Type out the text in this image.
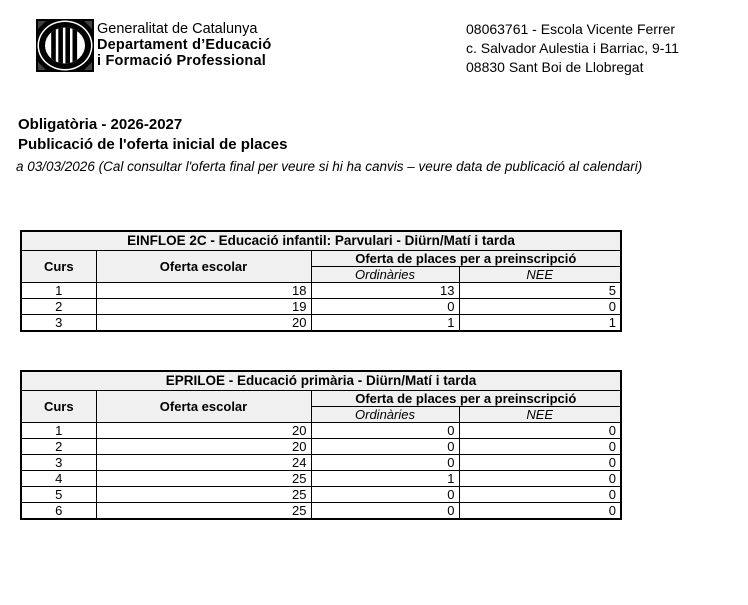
Generalitat de Catalunya
Departament d’Educació
i Formació Professional
08063761 - Escola Vicente Ferrer
c. Salvador Aulestia i Barriac, 9-11
08830 Sant Boi de Llobregat
Obligatòria - 2026-2027
Publicació de l'oferta inicial de places
a 03/03/2026 (Cal consultar l'oferta final per veure si hi ha canvis – veure data de publicació al calendari)
EINFLOE 2C - Educació infantil: Parvulari - Diürn/Matí i tarda			
Curs	Oferta escolar	Oferta de places per a preinscripció	
		Ordinàries	NEE
1	18	13	5
2	19	0	0
3	20	1	1
EPRILOE - Educació primària - Diürn/Matí i tarda			
Curs	Oferta escolar	Oferta de places per a preinscripció	
		Ordinàries	NEE
1	20	0	0
2	20	0	0
3	24	0	0
4	25	1	0
5	25	0	0
6	25	0	0
